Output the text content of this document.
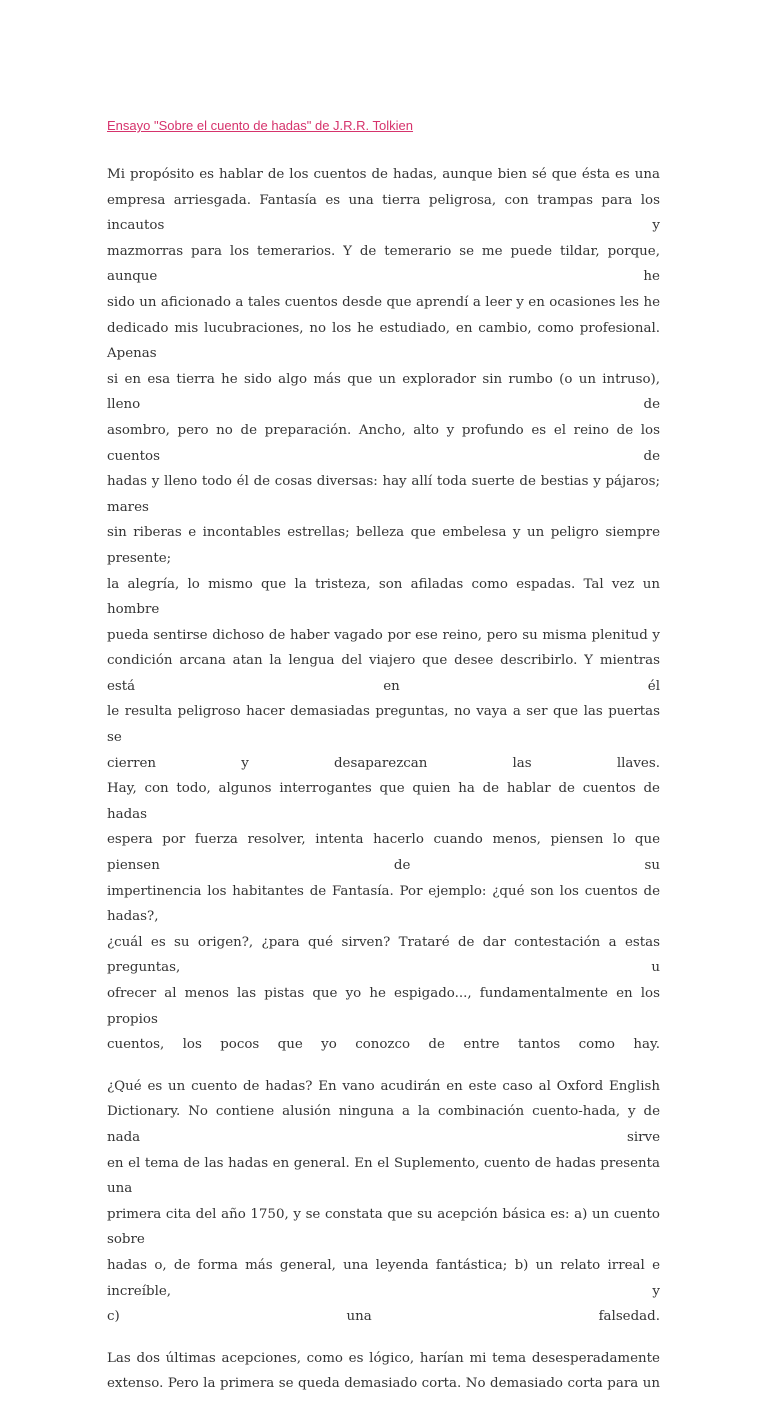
Ensayo "Sobre el cuento de hadas" de J.R.R. Tolkien
Mi propósito es hablar de los cuentos de hadas, aunque bien sé que ésta es una
empresa arriesgada. Fantasía es una tierra peligrosa, con trampas para los incautos y
mazmorras para los temerarios. Y de temerario se me puede tildar, porque, aunque he
sido un aficionado a tales cuentos desde que aprendí a leer y en ocasiones les he
dedicado mis lucubraciones, no los he estudiado, en cambio, como profesional. Apenas
si en esa tierra he sido algo más que un explorador sin rumbo (o un intruso), lleno de
asombro, pero no de preparación. Ancho, alto y profundo es el reino de los cuentos de
hadas y lleno todo él de cosas diversas: hay allí toda suerte de bestias y pájaros; mares
sin riberas e incontables estrellas; belleza que embelesa y un peligro siempre presente;
la alegría, lo mismo que la tristeza, son afiladas como espadas. Tal vez un hombre
pueda sentirse dichoso de haber vagado por ese reino, pero su misma plenitud y
condición arcana atan la lengua del viajero que desee describirlo. Y mientras está en él
le resulta peligroso hacer demasiadas preguntas, no vaya a ser que las puertas se
cierren y desaparezcan las llaves.
Hay, con todo, algunos interrogantes que quien ha de hablar de cuentos de hadas
espera por fuerza resolver, intenta hacerlo cuando menos, piensen lo que piensen de su
impertinencia los habitantes de Fantasía. Por ejemplo: ¿qué son los cuentos de hadas?,
¿cuál es su origen?, ¿para qué sirven? Trataré de dar contestación a estas preguntas, u
ofrecer al menos las pistas que yo he espigado..., fundamentalmente en los propios
cuentos, los pocos que yo conozco de entre tantos como hay.
¿Qué es un cuento de hadas? En vano acudirán en este caso al Oxford English
Dictionary. No contiene alusión ninguna a la combinación cuento-hada, y de nada sirve
en el tema de las hadas en general. En el Suplemento, cuento de hadas presenta una
primera cita del año 1750, y se constata que su acepción básica es: a) un cuento sobre
hadas o, de forma más general, una leyenda fantástica; b) un relato irreal e increíble, y
c) una falsedad.
Las dos últimas acepciones, como es lógico, harían mi tema desesperadamente
extenso. Pero la primera se queda demasiado corta. No demasiado corta para un
